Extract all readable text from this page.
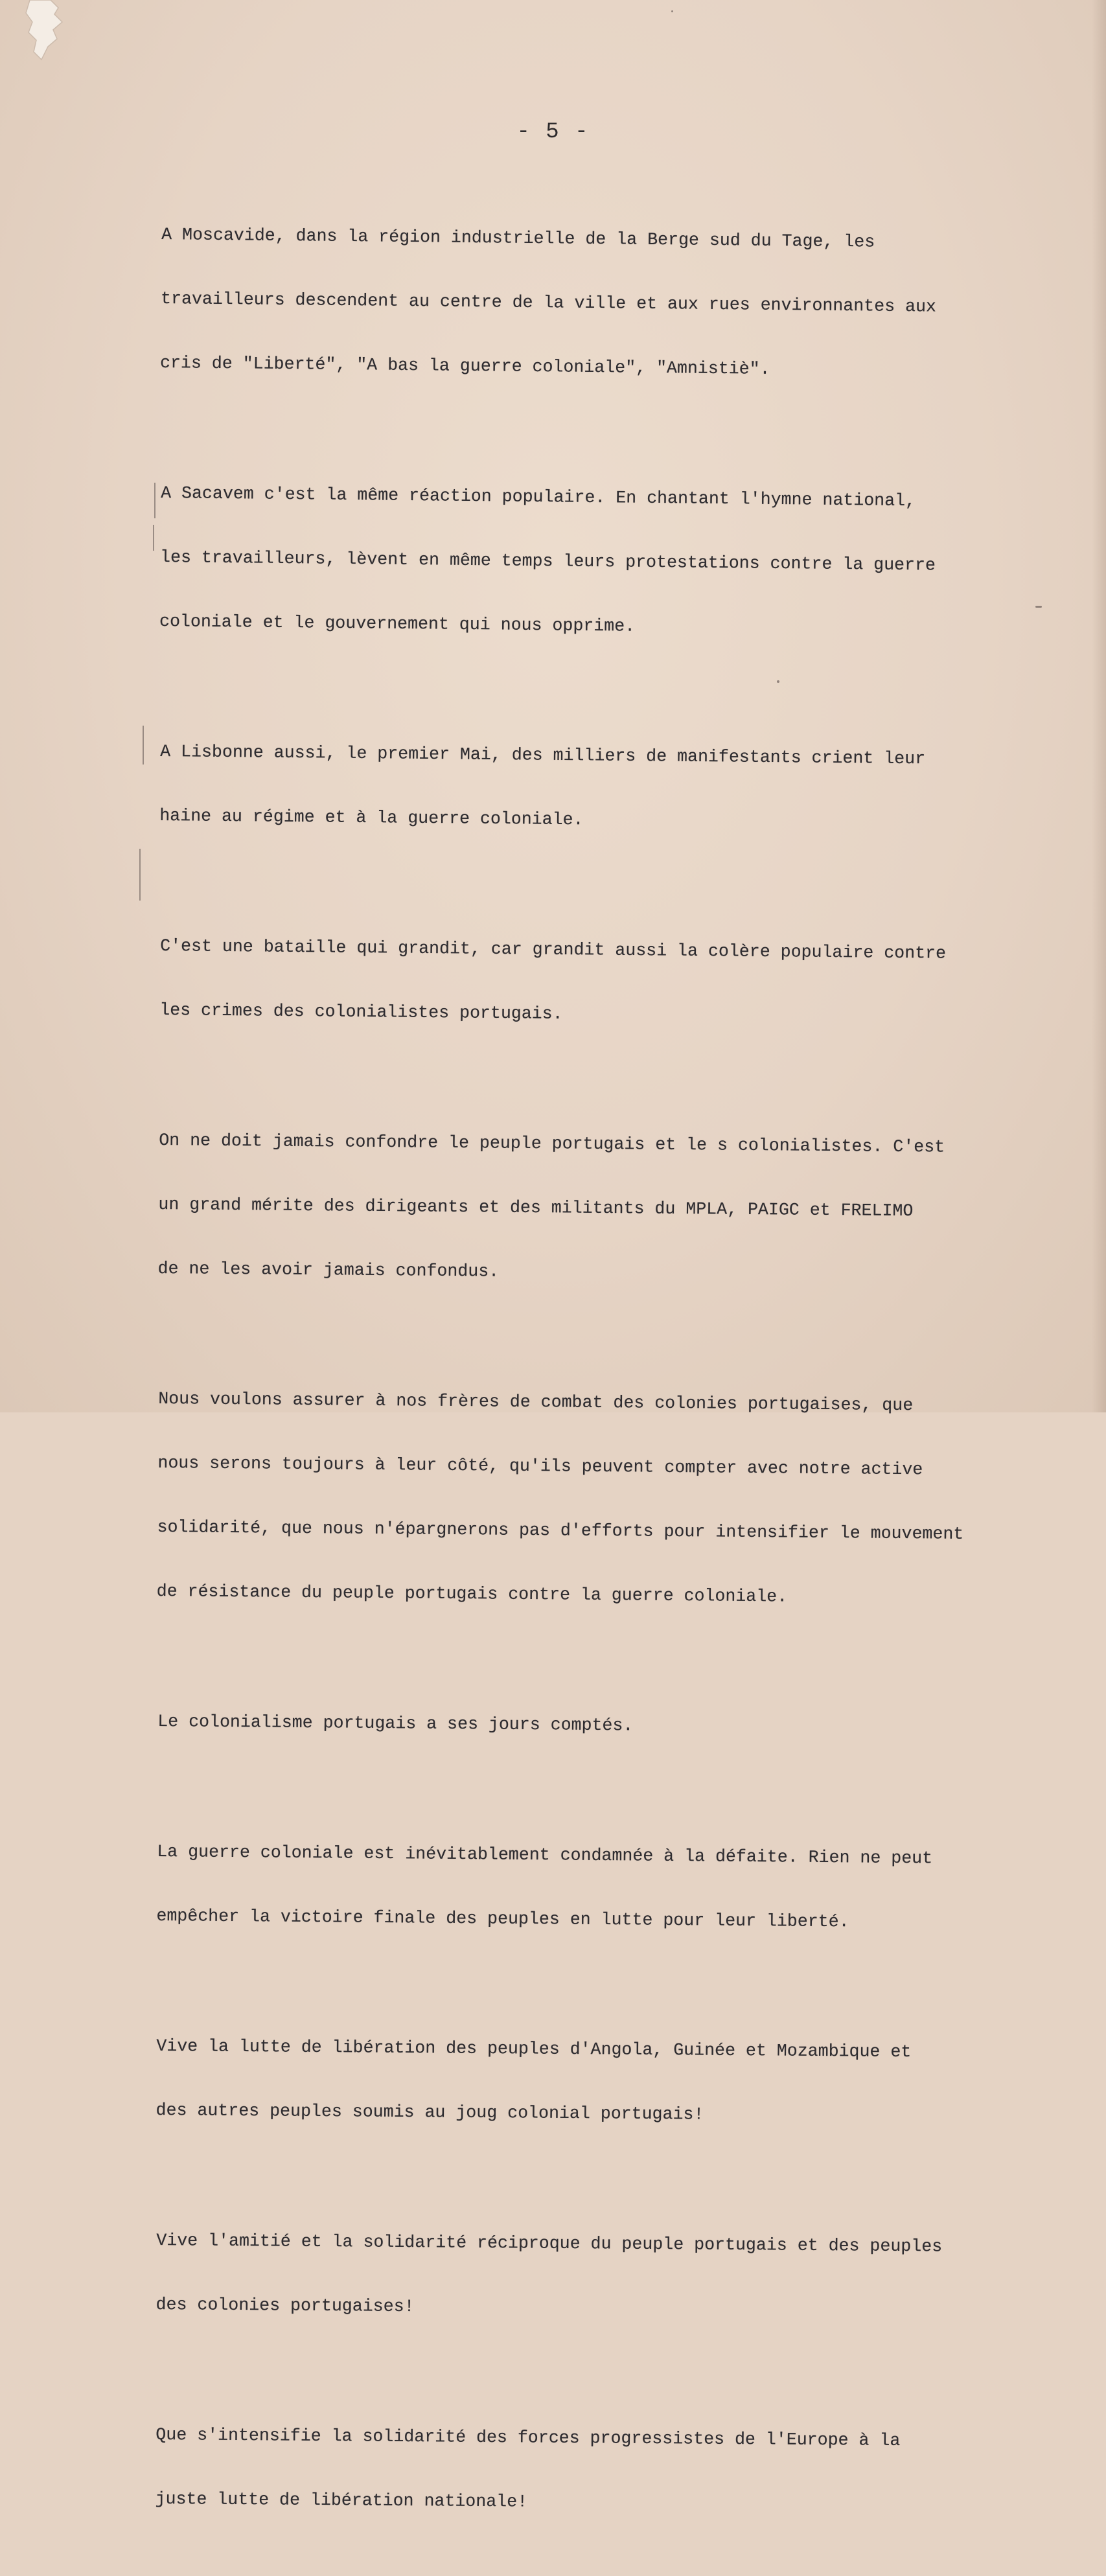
- 5 -

A Moscavide, dans la région industrielle de la Berge sud du Tage, les

travailleurs descendent au centre de la ville et aux rues environnantes aux

cris de "Liberté", "A bas la guerre coloniale", "Amnistiè".

A Sacavem c'est la même réaction populaire. En chantant l'hymne national,

les travailleurs, lèvent en même temps leurs protestations contre la guerre

coloniale et le gouvernement qui nous opprime.

A Lisbonne aussi, le premier Mai, des milliers de manifestants crient leur

haine au régime et à la guerre coloniale.

C'est une bataille qui grandit, car grandit aussi la colère populaire contre

les crimes des colonialistes portugais.

On ne doit jamais confondre le peuple portugais et le s colonialistes. C'est

un grand mérite des dirigeants et des militants du MPLA, PAIGC et FRELIMO

de ne les avoir jamais confondus.

Nous voulons assurer à nos frères de combat des colonies portugaises, que

nous serons toujours à leur côté, qu'ils peuvent compter avec notre active

solidarité, que nous n'épargnerons pas d'efforts pour intensifier le mouvement

de résistance du peuple portugais contre la guerre coloniale.

Le colonialisme portugais a ses jours comptés.

La guerre coloniale est inévitablement condamnée à la défaite. Rien ne peut

empêcher la victoire finale des peuples en lutte pour leur liberté.

Vive la lutte de libération des peuples d'Angola, Guinée et Mozambique et

des autres peuples soumis au joug colonial portugais!

Vive l'amitié et la solidarité réciproque du peuple portugais et des peuples

des colonies portugaises!

Que s'intensifie la solidarité des forces progressistes de l'Europe à la

juste lutte de libération nationale!
